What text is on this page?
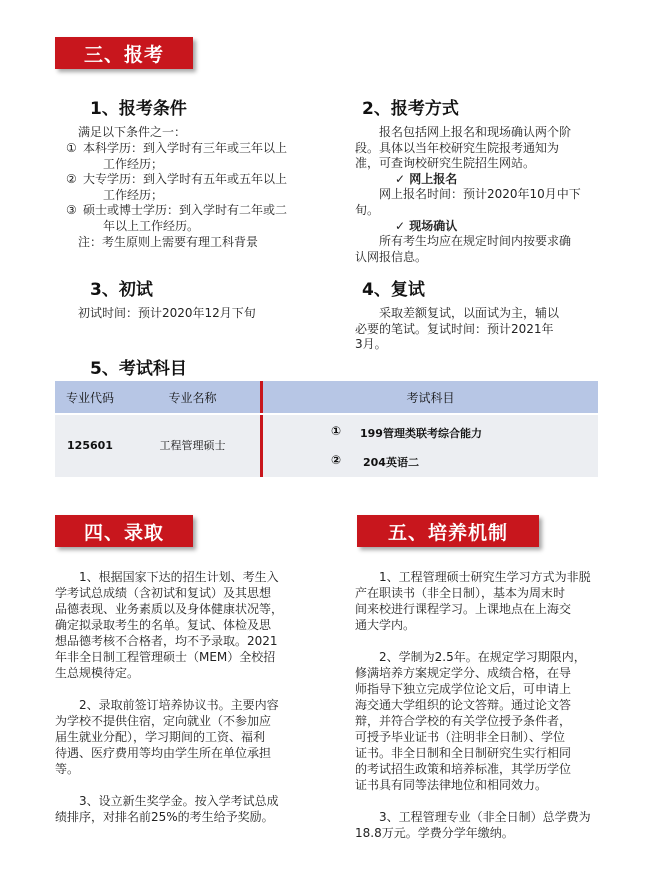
三、报考
1、报考条件
满足以下条件之一：
① 本科学历：到入学时有三年或三年以上
工作经历；
② 大专学历：到入学时有五年或五年以上
工作经历；
③ 硕士或博士学历：到入学时有二年或二
年以上工作经历。
注：考生原则上需要有理工科背景
2、报考方式

报名包括网上报名和现场确认两个阶

段。具体以当年校研究生院报考通知为

准，可查询校研究生院招生网站。

✓ 网上报名

网上报名时间：预计2020年10月中下

旬。

✓ 现场确认

所有考生均应在规定时间内按要求确

认网报信息。

3、初试
初试时间：预计2020年12月下旬
4、复试

采取差额复试，以面试为主，辅以

必要的笔试。复试时间：预计2021年

3月。

5、考试科目
专业代码	专业名称	考试科目
125601	工程管理硕士
① 199管理类联考综合能力
② 204英语二
四、录取

1、根据国家下达的招生计划、考生入

学考试总成绩（含初试和复试）及其思想

品德表现、业务素质以及身体健康状况等，

确定拟录取考生的名单。复试、体检及思

想品德考核不合格者，均不予录取。2021

年非全日制工程管理硕士（MEM）全校招

生总规模待定。

2、录取前签订培养协议书。主要内容

为学校不提供住宿，定向就业（不参加应

届生就业分配），学习期间的工资、福利

待遇、医疗费用等均由学生所在单位承担

等。

3、设立新生奖学金。按入学考试总成

绩排序，对排名前25%的考生给予奖励。

五、培养机制

1、工程管理硕士研究生学习方式为非脱

产在职读书（非全日制），基本为周末时

间来校进行课程学习。上课地点在上海交

通大学内。

2、学制为2.5年。在规定学习期限内，

修满培养方案规定学分、成绩合格，在导

师指导下独立完成学位论文后，可申请上

海交通大学组织的论文答辩。通过论文答

辩，并符合学校的有关学位授予条件者，

可授予毕业证书（注明非全日制）、学位

证书。非全日制和全日制研究生实行相同

的考试招生政策和培养标准，其学历学位

证书具有同等法律地位和相同效力。

3、工程管理专业（非全日制）总学费为

18.8万元。学费分学年缴纳。
